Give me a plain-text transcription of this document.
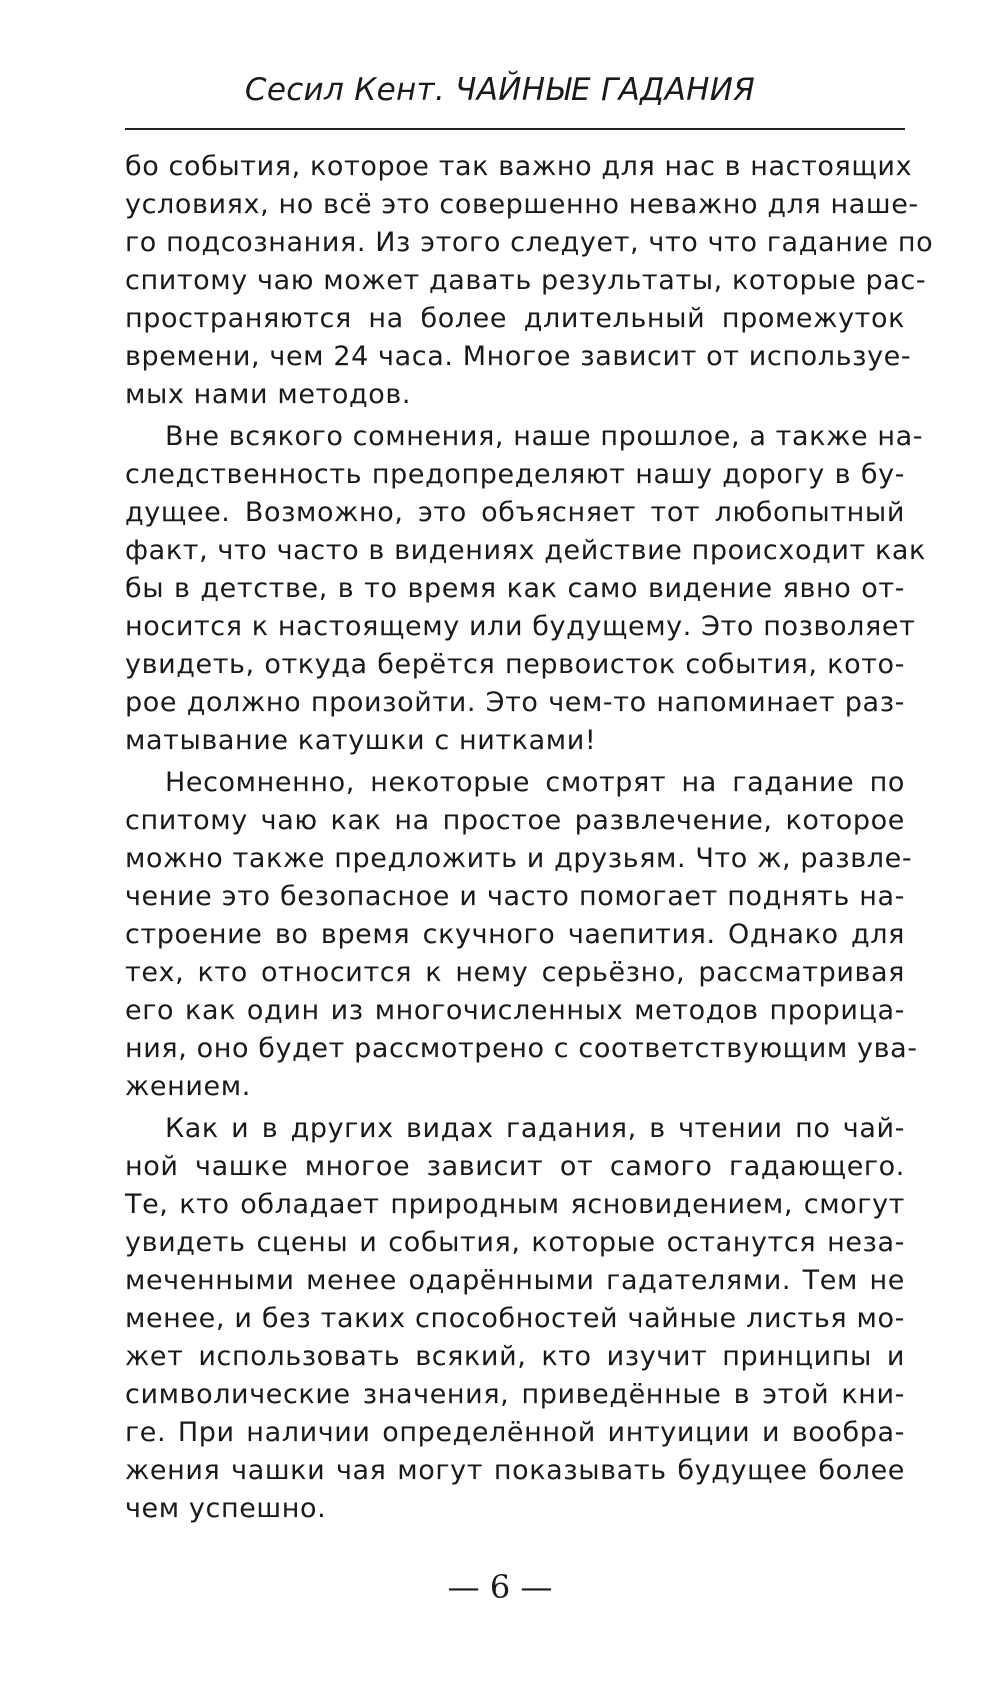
Сесил Кент. ЧАЙНЫЕ ГАДАНИЯ
бо события, которое так важно для нас в настоящих
условиях, но всё это совершенно неважно для наше-
го подсознания. Из этого следует, что что гадание по
спитому чаю может давать результаты, которые рас-
пространяются на более длительный промежуток
времени, чем 24 часа. Многое зависит от используе-
мых нами методов.
Вне всякого сомнения, наше прошлое, а также на-
следственность предопределяют нашу дорогу в бу-
дущее. Возможно, это объясняет тот любопытный
факт, что часто в видениях действие происходит как
бы в детстве, в то время как само видение явно от-
носится к настоящему или будущему. Это позволяет
увидеть, откуда берётся первоисток события, кото-
рое должно произойти. Это чем-то напоминает раз-
матывание катушки с нитками!
Несомненно, некоторые смотрят на гадание по
спитому чаю как на простое развлечение, которое
можно также предложить и друзьям. Что ж, развле-
чение это безопасное и часто помогает поднять на-
строение во время скучного чаепития. Однако для
тех, кто относится к нему серьёзно, рассматривая
его как один из многочисленных методов прорица-
ния, оно будет рассмотрено с соответствующим ува-
жением.
Как и в других видах гадания, в чтении по чай-
ной чашке многое зависит от самого гадающего.
Те, кто обладает природным ясновидением, смогут
увидеть сцены и события, которые останутся неза-
меченными менее одарёнными гадателями. Тем не
менее, и без таких способностей чайные листья мо-
жет использовать всякий, кто изучит принципы и
символические значения, приведённые в этой кни-
ге. При наличии определённой интуиции и вообра-
жения чашки чая могут показывать будущее более
чем успешно.
— 6 —
